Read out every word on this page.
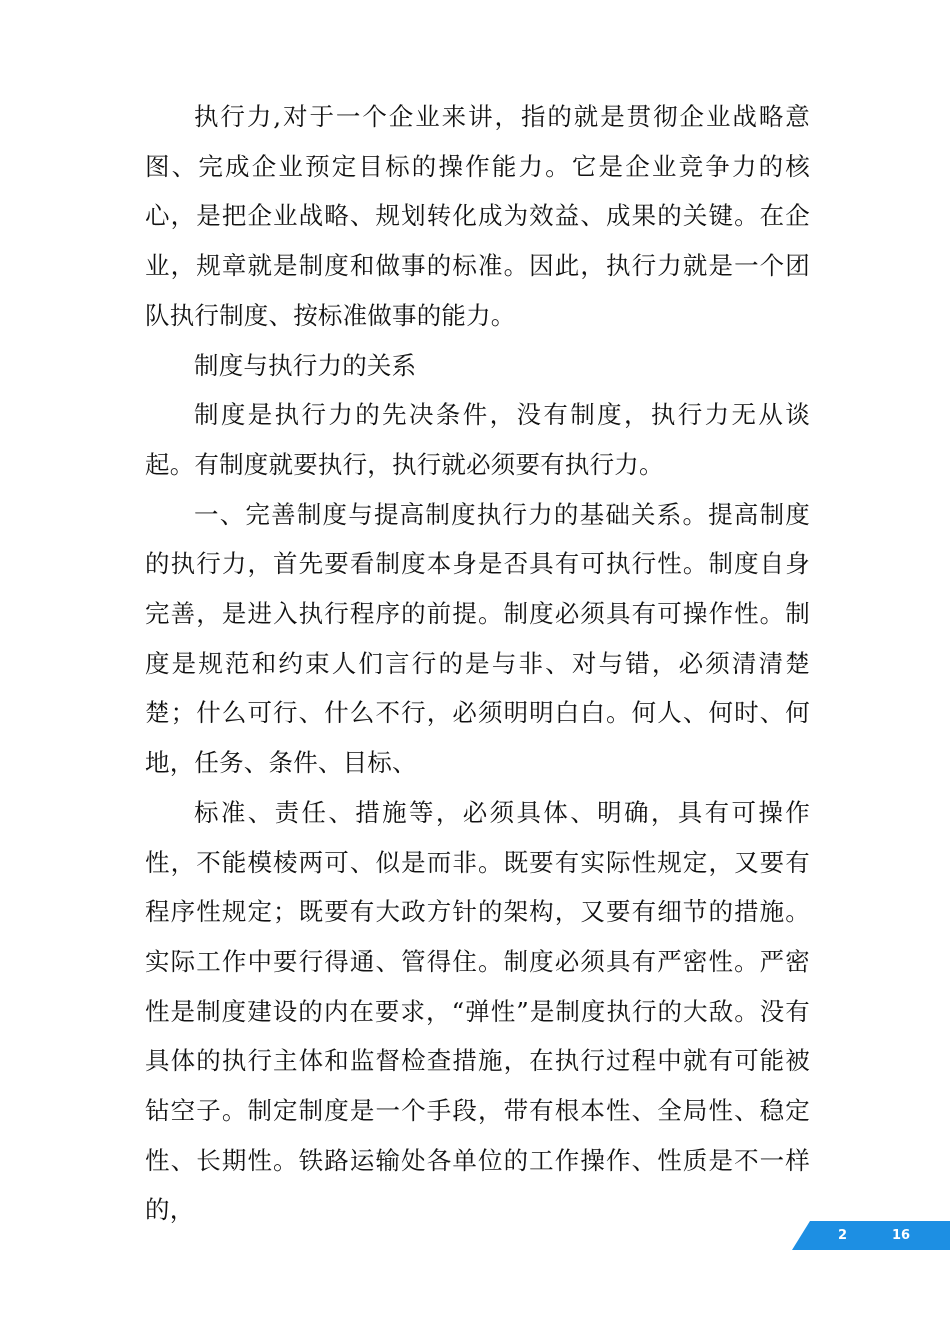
执行力,对于一个企业来讲，指的就是贯彻企业战略意图、完成企业预定目标的操作能力。它是企业竞争力的核心，是把企业战略、规划转化成为效益、成果的关键。在企业，规章就是制度和做事的标准。因此，执行力就是一个团队执行制度、按标准做事的能力。

制度与执行力的关系

制度是执行力的先决条件，没有制度，执行力无从谈起。有制度就要执行，执行就必须要有执行力。

一、完善制度与提高制度执行力的基础关系。提高制度的执行力，首先要看制度本身是否具有可执行性。制度自身完善，是进入执行程序的前提。制度必须具有可操作性。制度是规范和约束人们言行的是与非、对与错，必须清清楚楚；什么可行、什么不行，必须明明白白。何人、何时、何地，任务、条件、目标、

标准、责任、措施等，必须具体、明确，具有可操作性，不能模棱两可、似是而非。既要有实际性规定，又要有程序性规定；既要有大政方针的架构，又要有细节的措施。实际工作中要行得通、管得住。制度必须具有严密性。严密性是制度建设的内在要求，“弹性”是制度执行的大敌。没有具体的执行主体和监督检查措施，在执行过程中就有可能被钻空子。制定制度是一个手段，带有根本性、全局性、稳定性、长期性。铁路运输处各单位的工作操作、性质是不一样的，

2	16
